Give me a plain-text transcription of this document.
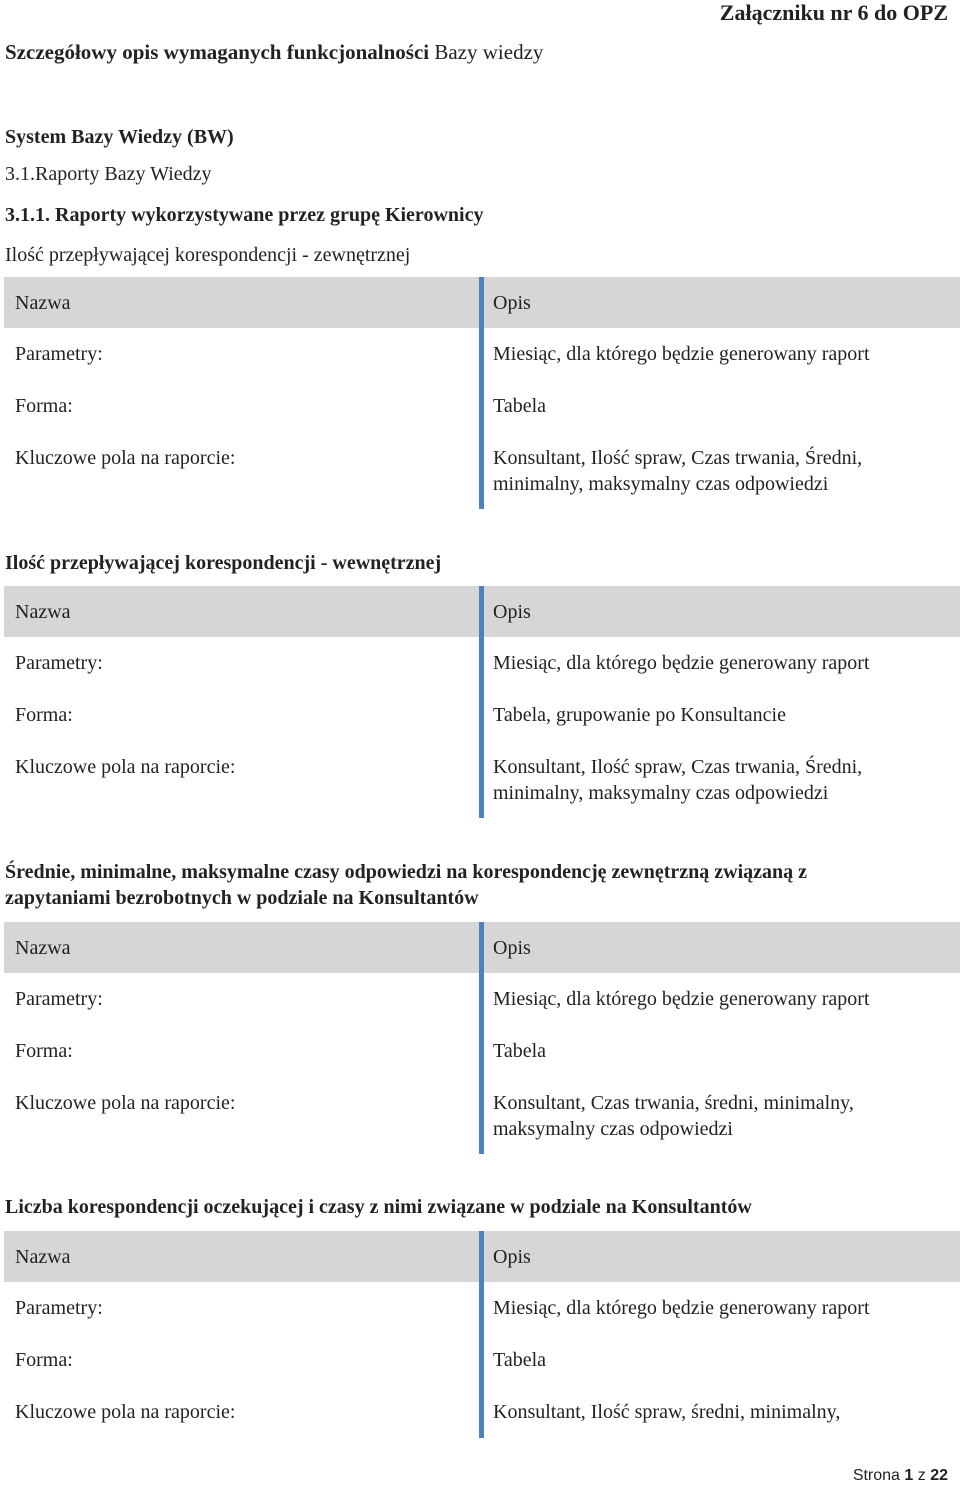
Załączniku nr 6 do OPZ
Szczegółowy opis wymaganych funkcjonalności Bazy wiedzy
System Bazy Wiedzy (BW)
3.1.Raporty Bazy Wiedzy
3.1.1. Raporty wykorzystywane przez grupę Kierownicy
Ilość przepływającej korespondencji - zewnętrznej
Nazwa	Opis
Parametry:	Miesiąc, dla którego będzie generowany raport
Forma:	Tabela
Kluczowe pola na raporcie:	Konsultant, Ilość spraw, Czas trwania, Średni,
minimalny, maksymalny czas odpowiedzi
Ilość przepływającej korespondencji - wewnętrznej
Nazwa	Opis
Parametry:	Miesiąc, dla którego będzie generowany raport
Forma:	Tabela, grupowanie po Konsultancie
Kluczowe pola na raporcie:	Konsultant, Ilość spraw, Czas trwania, Średni,
minimalny, maksymalny czas odpowiedzi
Średnie, minimalne, maksymalne czasy odpowiedzi na korespondencję zewnętrzną związaną z
zapytaniami bezrobotnych w podziale na Konsultantów
Nazwa	Opis
Parametry:	Miesiąc, dla którego będzie generowany raport
Forma:	Tabela
Kluczowe pola na raporcie:	Konsultant, Czas trwania, średni, minimalny,
maksymalny czas odpowiedzi
Liczba korespondencji oczekującej i czasy z nimi związane w podziale na Konsultantów
Nazwa	Opis
Parametry:	Miesiąc, dla którego będzie generowany raport
Forma:	Tabela
Kluczowe pola na raporcie:	Konsultant, Ilość spraw, średni, minimalny,
Strona 1 z 22
